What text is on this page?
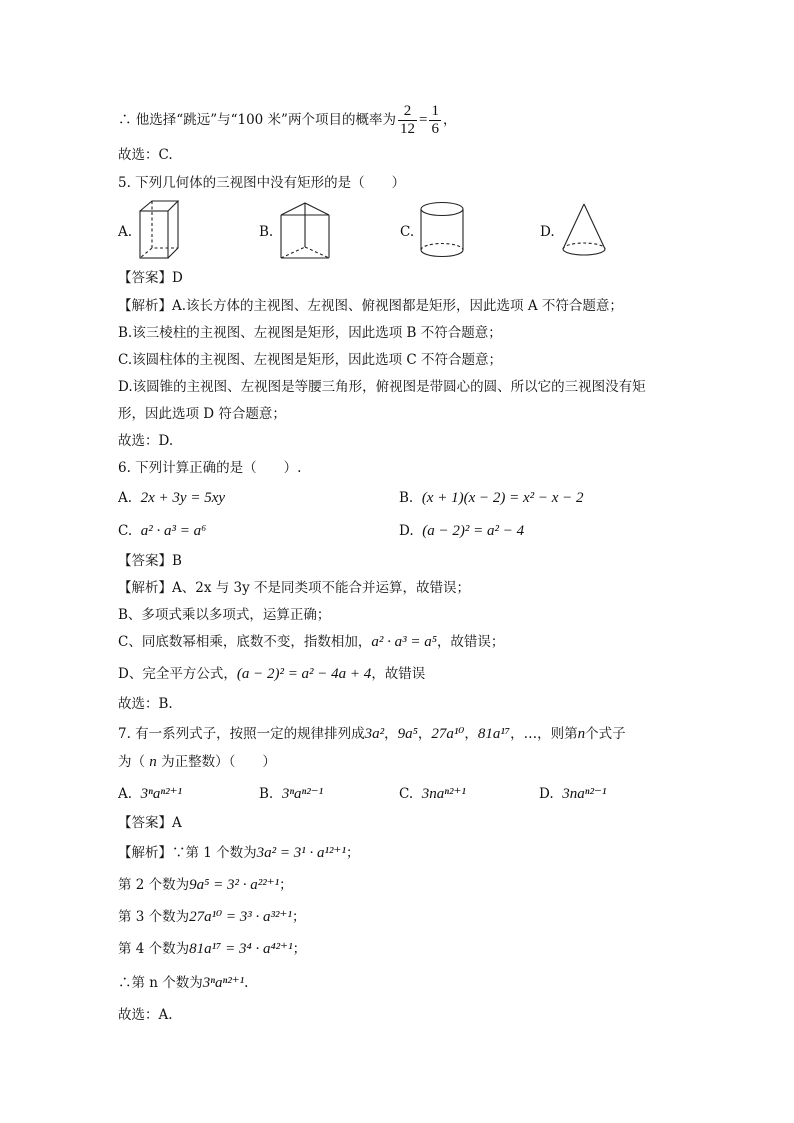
∴ 他选择“跳远”与“100 米”两个项目的概率为 $\frac{2}{12} = \frac{1}{6}$ ，
故选：C.
5. 下列几何体的三视图中没有矩形的是（　　）
A.	B.	C.	D.
【答案】D
【解析】A.该长方体的主视图、左视图、俯视图都是矩形，因此选项 A 不符合题意；
B.该三棱柱的主视图、左视图是矩形，因此选项 B 不符合题意；
C.该圆柱体的主视图、左视图是矩形，因此选项 C 不符合题意；
D.该圆锥的主视图、左视图是等腰三角形，俯视图是带圆心的圆、所以它的三视图没有矩
形，因此选项 D 符合题意；
故选：D.
6. 下列计算正确的是（　　）.
A. 2x + 3y = 5xy	B. (x + 1)(x − 2) = x² − x − 2
C. a² · a³ = a⁶	D. (a − 2)² = a² − 4
【答案】B
【解析】A、2x 与 3y 不是同类项不能合并运算，故错误；
B、多项式乘以多项式，运算正确；
C、同底数幂相乘，底数不变，指数相加，a² · a³ = a⁵，故错误；
D、完全平方公式，(a − 2)² = a² − 4a + 4，故错误
故选：B.
7. 有一系列式子，按照一定的规律排列成3a²，9a⁵，27a¹⁰，81a¹⁷，…，则第n个式子
为（ n 为正整数）（　　）
A. 3ⁿaⁿ²⁺¹	B. 3ⁿaⁿ²⁻¹	C. 3naⁿ²⁺¹	D. 3naⁿ²⁻¹
【答案】A
【解析】∵第 1 个数为3a² = 3¹ · a¹²⁺¹；
第 2 个数为9a⁵ = 3² · a²²⁺¹；
第 3 个数为27a¹⁰ = 3³ · a³²⁺¹；
第 4 个数为81a¹⁷ = 3⁴ · a⁴²⁺¹；
∴第 n 个数为3ⁿaⁿ²⁺¹.
故选：A.
